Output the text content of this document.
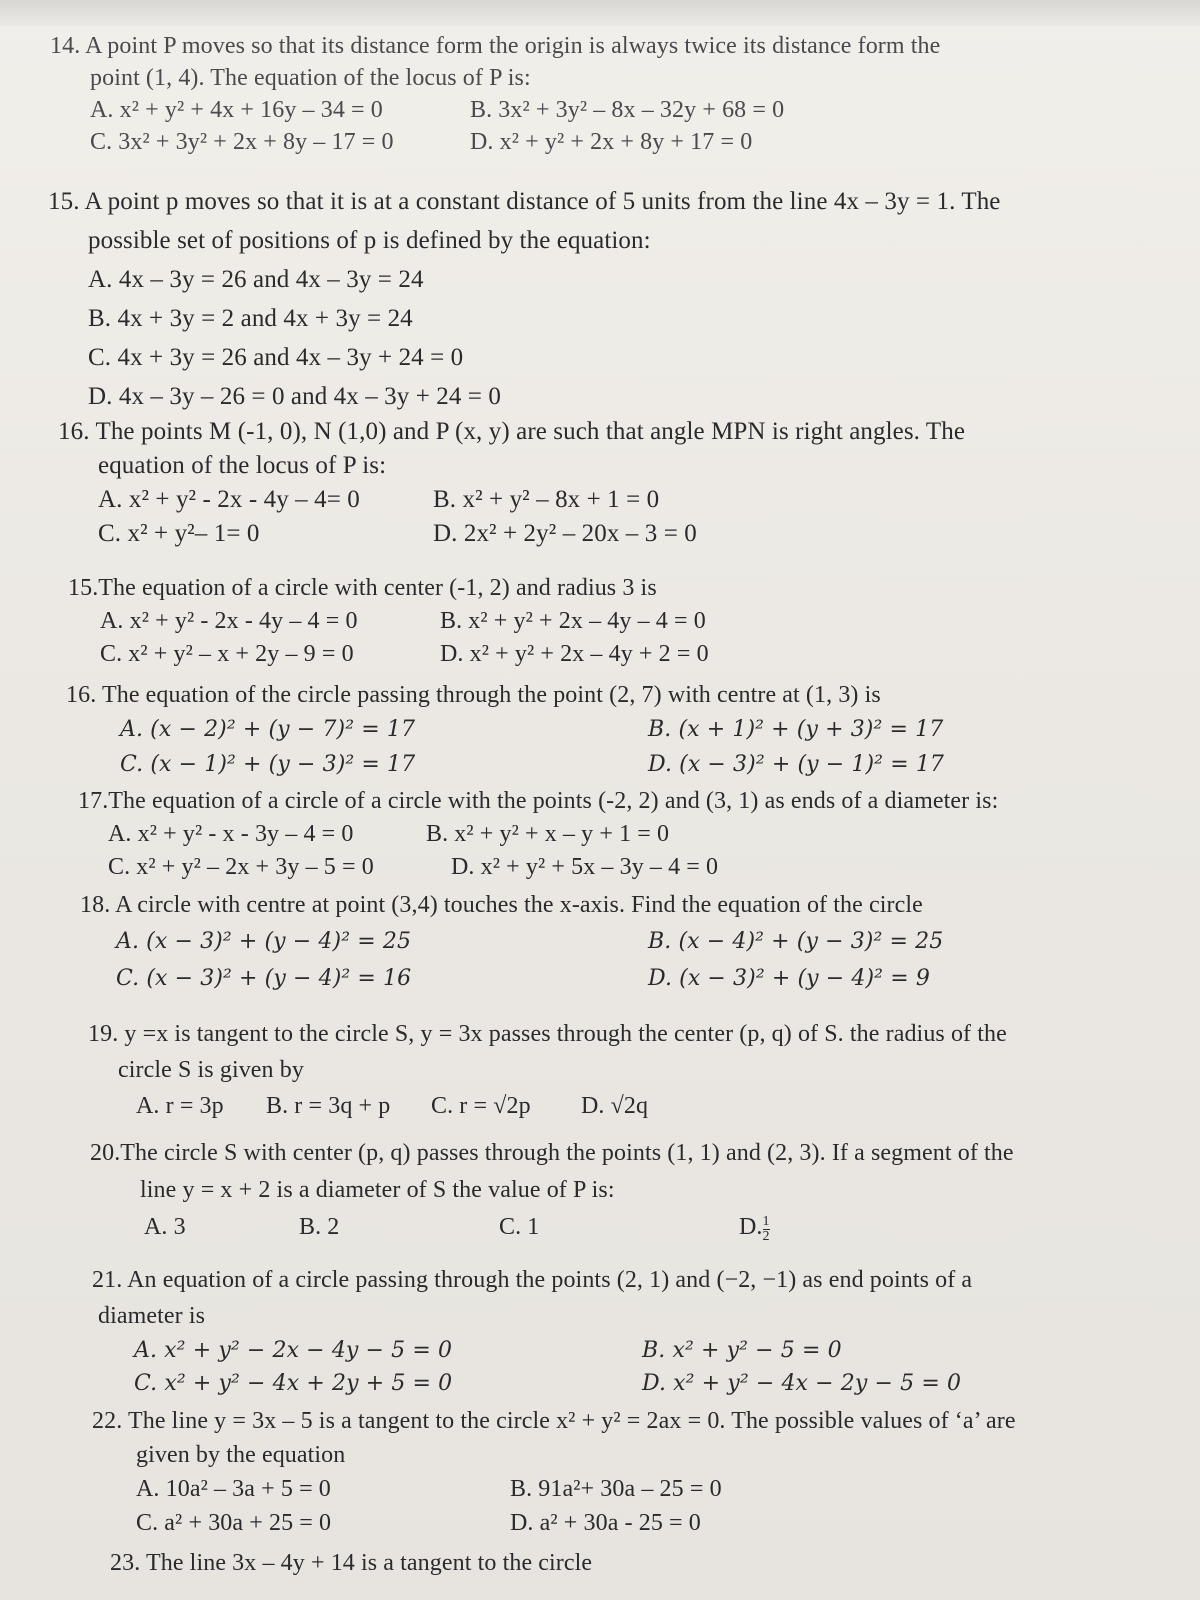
14. A point P moves so that its distance form the origin is always twice its distance form the
point (1, 4). The equation of the locus of P is:
A. x² + y² + 4x + 16y – 34 = 0	B. 3x² + 3y² – 8x – 32y + 68 = 0
C. 3x² + 3y² + 2x + 8y – 17 = 0	D. x² + y² + 2x + 8y + 17 = 0
15. A point p moves so that it is at a constant distance of 5 units from the line 4x – 3y = 1. The
possible set of positions of p is defined by the equation:
A. 4x – 3y = 26 and 4x – 3y = 24
B. 4x + 3y = 2 and 4x + 3y = 24
C. 4x + 3y = 26 and 4x – 3y + 24 = 0
D. 4x – 3y – 26 = 0 and 4x – 3y + 24 = 0
16. The points M (-1, 0), N (1,0) and P (x, y) are such that angle MPN is right angles. The
equation of the locus of P is:
A. x² + y² - 2x - 4y – 4= 0	B. x² + y² – 8x + 1 = 0
C. x² + y²– 1= 0	D. 2x² + 2y² – 20x – 3 = 0
15.The equation of a circle with center (-1, 2) and radius 3 is
A. x² + y² - 2x - 4y – 4 = 0	B. x² + y² + 2x – 4y – 4 = 0
C. x² + y² – x + 2y – 9 = 0	D. x² + y² + 2x – 4y + 2 = 0
16. The equation of the circle passing through the point (2, 7) with centre at (1, 3) is
A. (x − 2)² + (y − 7)² = 17	B. (x + 1)² + (y + 3)² = 17
C. (x − 1)² + (y − 3)² = 17	D. (x − 3)² + (y − 1)² = 17
17.The equation of a circle of a circle with the points (-2, 2) and (3, 1) as ends of a diameter is:
A. x² + y² - x - 3y – 4 = 0	B. x² + y² + x – y + 1 = 0
C. x² + y² – 2x + 3y – 5 = 0	D. x² + y² + 5x – 3y – 4 = 0
18. A circle with centre at point (3,4) touches the x-axis. Find the equation of the circle
A. (x − 3)² + (y − 4)² = 25	B. (x − 4)² + (y − 3)² = 25
C. (x − 3)² + (y − 4)² = 16	D. (x − 3)² + (y − 4)² = 9
19. y =x is tangent to the circle S, y = 3x passes through the center (p, q) of S. the radius of the
circle S is given by
A. r = 3p B. r = 3q + p C. r = √2p D. √2q
20.The circle S with center (p, q) passes through the points (1, 1) and (2, 3). If a segment of the
line y = x + 2 is a diameter of S the value of P is:
A. 3	B. 2	C. 1	D. $\frac{1}{2}$
21. An equation of a circle passing through the points (2, 1) and (−2, −1) as end points of a
diameter is
A. x² + y² − 2x − 4y − 5 = 0	B. x² + y² − 5 = 0
C. x² + y² − 4x + 2y + 5 = 0	D. x² + y² − 4x − 2y − 5 = 0
22. The line y = 3x – 5 is a tangent to the circle x² + y² = 2ax = 0. The possible values of ‘a’ are
given by the equation
A. 10a² – 3a + 5 = 0	B. 91a²+ 30a – 25 = 0
C. a² + 30a + 25 = 0	D. a² + 30a - 25 = 0
23. The line 3x – 4y + 14 is a tangent to the circle
